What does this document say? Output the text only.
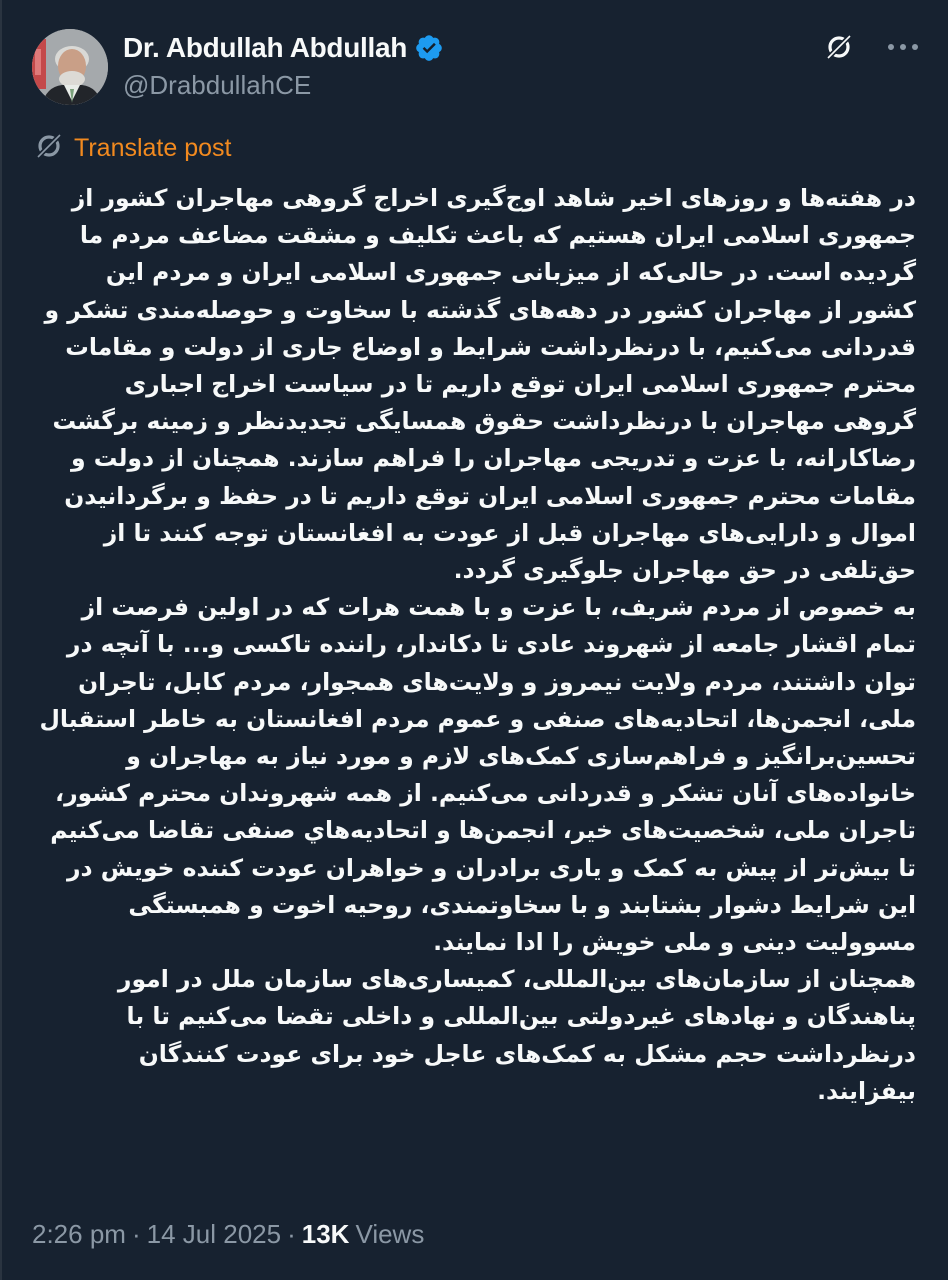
Dr. Abdullah Abdullah
@DrabdullahCE
Translate post

در هفته‌ها و روزهای اخیر شاهد اوج‌گیری اخراج گروهی مهاجران کشور از جمهوری اسلامی ایران هستیم که باعث تکلیف و مشقت مضاعف مردم ما گردیده است. در حالی‌که از میزبانی جمهوری اسلامی ایران و مردم این کشور از مهاجران کشور در دهه‌های گذشته با سخاوت و حوصله‌مندی تشکر و قدردانی می‌کنیم، با درنظرداشت شرایط و اوضاع جاری از دولت و مقامات محترم جمهوری اسلامی ایران توقع داریم تا در سیاست اخراج اجباری گروهی مهاجران با درنظرداشت حقوق همسایگی تجدیدنظر و زمینه برگشت رضاکارانه، با عزت و تدریجی مهاجران را فراهم سازند. همچنان از دولت و مقامات محترم جمهوری اسلامی ایران توقع داریم تا در حفظ و برگردانیدن اموال و دارایی‌های مهاجران قبل از عودت به افغانستان توجه کنند تا از حق‌تلفی در حق مهاجران جلوگیری گردد.

به خصوص از مردم شریف، با عزت و با همت هرات که در اولین فرصت از تمام اقشار جامعه از شهروند عادی تا دکاندار، راننده تاکسی و... با آنچه در توان داشتند، مردم ولایت نیمروز و ولایت‌های همجوار، مردم کابل، تاجران ملی، انجمن‌ها، اتحادیه‌های صنفی و عموم مردم افغانستان به خاطر استقبال تحسین‌برانگیز و فراهم‌سازی کمک‌های لازم و مورد نیاز به مهاجران و خانواده‌های آنان تشکر و قدردانی می‌کنیم. از همه شهروندان محترم کشور، تاجران ملی، شخصیت‌های خیر، انجمن‌ها و اتحادیه‌هاي صنفی تقاضا می‌کنیم تا بیش‌تر از پیش به کمک و یاری برادران و خواهران عودت کننده خویش در این شرایط دشوار بشتابند و با سخاوتمندی، روحیه اخوت و همبستگی مسوولیت دینی و ملی خویش را ادا نمایند.

همچنان از سازمان‌های بین‌المللی، کمیساری‌های سازمان ملل در امور پناهندگان و نهادهای غیردولتی بین‌المللی و داخلی تقضا می‌کنیم تا با درنظرداشت حجم مشکل به کمک‌های عاجل خود برای عودت کنندگان بیفزایند.

2:26 pm · 14 Jul 2025 · 13K Views
